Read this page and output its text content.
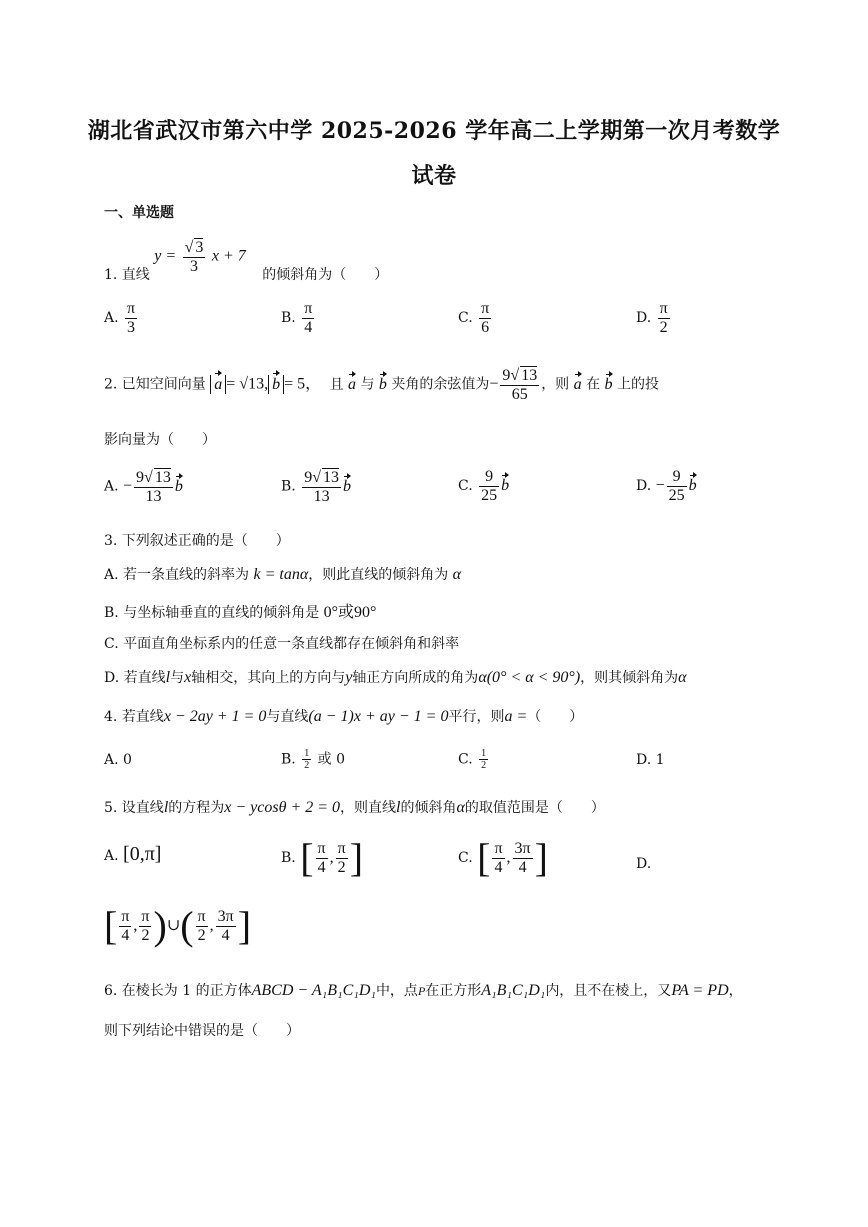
湖北省武汉市第六中学 2025-2026 学年高二上学期第一次月考数学
试卷
一、单选题
1. 直线 $y = \frac{√ 3}{3}$ x + 7 的倾斜角为（　　）
A. $\frac{\pi}{3}$	B. $\frac{\pi}{4}$	C. $\frac{\pi}{6}$	D. $\frac{\pi}{2}$
2. 已知空间向量 a = √13, b = 5， 且 a 与 b 夹角的余弦值为− $\frac{9√ 13}{65}$ ，则 a 在 b 上的投
影向量为（　　）
A. − $\frac{9√ 13}{13}$ b	B. $\frac{9√ 13}{13}$ b	C. $\frac{9}{25}$ b	D. − $\frac{9}{25}$ b
3. 下列叙述正确的是（　　）
A. 若一条直线的斜率为 k = tanα，则此直线的倾斜角为 α
B. 与坐标轴垂直的直线的倾斜角是 0°或90°
C. 平面直角坐标系内的任意一条直线都存在倾斜角和斜率
D. 若直线l与x轴相交，其向上的方向与y轴正方向所成的角为α(0° < α < 90°)，则其倾斜角为α
4. 若直线x − 2ay + 1 = 0与直线(a − 1)x + ay − 1 = 0平行，则a =（　　）
A. 0	B. $\frac{1}{2}$ 或 0	C. $\frac{1}{2}$	D. 1
5. 设直线l的方程为x − ycosθ + 2 = 0，则直线l的倾斜角α的取值范围是（　　）
A. [0,π]	B. [ $\frac{\pi}{4}$ , $\frac{\pi}{2}$ ]	C. [ $\frac{\pi}{4}$ , $\frac{3\pi}{4}$ ]	D.
[ $\frac{\pi}{4}$ , $\frac{\pi}{2}$ )∪( $\frac{\pi}{2}$ , $\frac{3\pi}{4}$ ]
6. 在棱长为 1 的正方体ABCD − A₁B₁C₁D₁中，点P在正方形A₁B₁C₁D₁内，且不在棱上，又PA = PD，
则下列结论中错误的是（　　）
